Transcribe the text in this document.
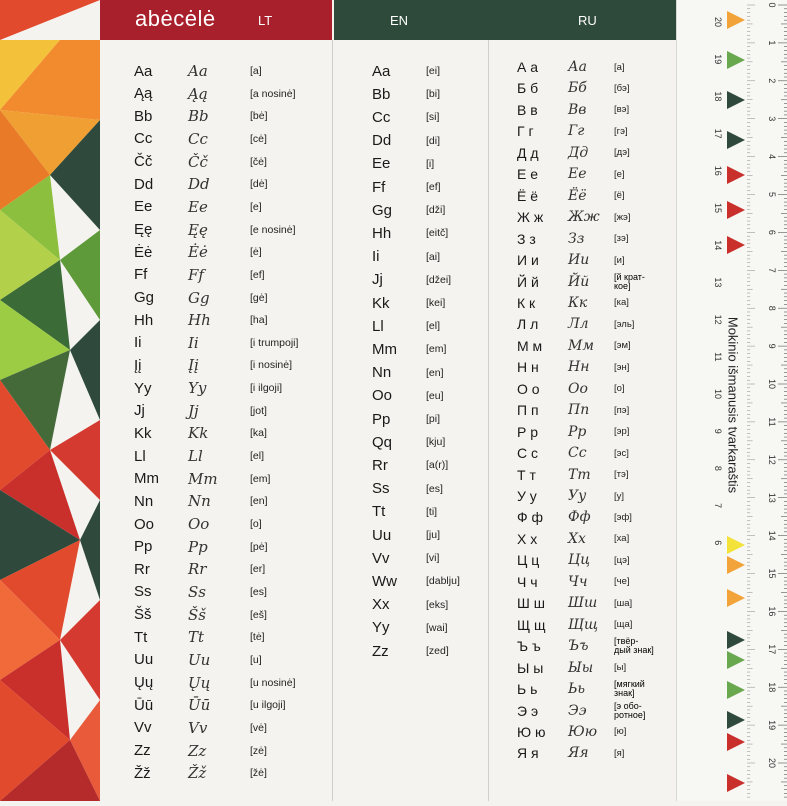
abėcėlė	LT	EN	RU
Aa Aa	[a]
Ąą Ąą	[a nosinė]
Bb Bb	[bė]
Cc Cc	[cė]
Čč Čč	[čė]
Dd Dd	[dė]
Ee Ee	[e]
Ęę Ęę	[e nosinė]
Ėė Ėė	[ė]
Ff	Ff	[ef]
Gg Gg	[gė]
Hh Hh	[ha]
Ii	Ii	[i trumpoji]
Įį	Įį	[i nosinė]
Yy Yy	[i ilgoji]
Jj	Jj	[jot]
Kk Kk	[ka]
Ll	Ll	[el]
Mm Mm	[em]
Nn Nn	[en]
Oo Oo	[o]
Pp Pp	[pė]
Rr	Rr	[er]
Ss Ss	[es]
Šš Šš	[eš]
Tt	Tt	[tė]
Uu Uu	[u]
Ųų Ųų	[u nosinė]
Ūū Ūū	[u ilgoji]
Vv Vv	[vė]
Zz Zz	[zė]
Žž Žž	[žė]
Aa	[ei]
Bb	[bi]
Cc	[si]
Dd	[di]
Ee	[i]
Ff	[ef]
Gg	[dži]
Hh	[eitč]
Ii	[ai]
Jj	[džei]
Kk	[kei]
Ll	[el]
Mm	[em]
Nn	[en]
Oo	[eu]
Pp	[pi]
Qq	[kju]
Rr	[a(r)]
Ss	[es]
Tt	[ti]
Uu	[ju]
Vv	[vi]
Ww	[dablju]
Xx	[eks]
Yy	[wai]
Zz	[zed]
А а Аа	[а]
Б б Бб	[бэ]
В в Вв	[вэ]
Г г Гг	[гэ]
Д д Дд	[дэ]
Е е Ее	[е]
Ё ё Ёё	[ё]
Ж ж Жж [жэ]
З з Зз	[зэ]
И и Ии	[и]
Й й Йй	[й крат-
кое]
К к Кк	[ка]
Л л Лл	[эль]
М м Мм [эм]
Н н Нн	[эн]
О о Оо	[о]
П п Пп	[пэ]
Р р Рр	[эр]
С с Сс	[эс]
Т т Тт [тэ]
У у Уу	[у]
Ф ф Фф [эф]
Х х Хх	[ха]
Ц ц Цц	[цэ]
Ч ч Чч	[че]
Ш ш Шш [ша]
Щ щ Щщ [ща]
Ъ ъ Ъъ	[твёр-
дый знак]
Ы ы Ыы [ы]
Ь ь Ьь	[мягкий
знак]
Э э Ээ	[э обо-
ротное]
Ю ю Юю [ю]
Я я Яя	[я]
0
1
2
3
4
5
6
7
8
9
10
11
12
13
14
15
16
17
18
19
20
20
19
18
17
16
15
14
13
12
11
10
9
8
7
6
Mokinio išmanusis tvarkaraštis
